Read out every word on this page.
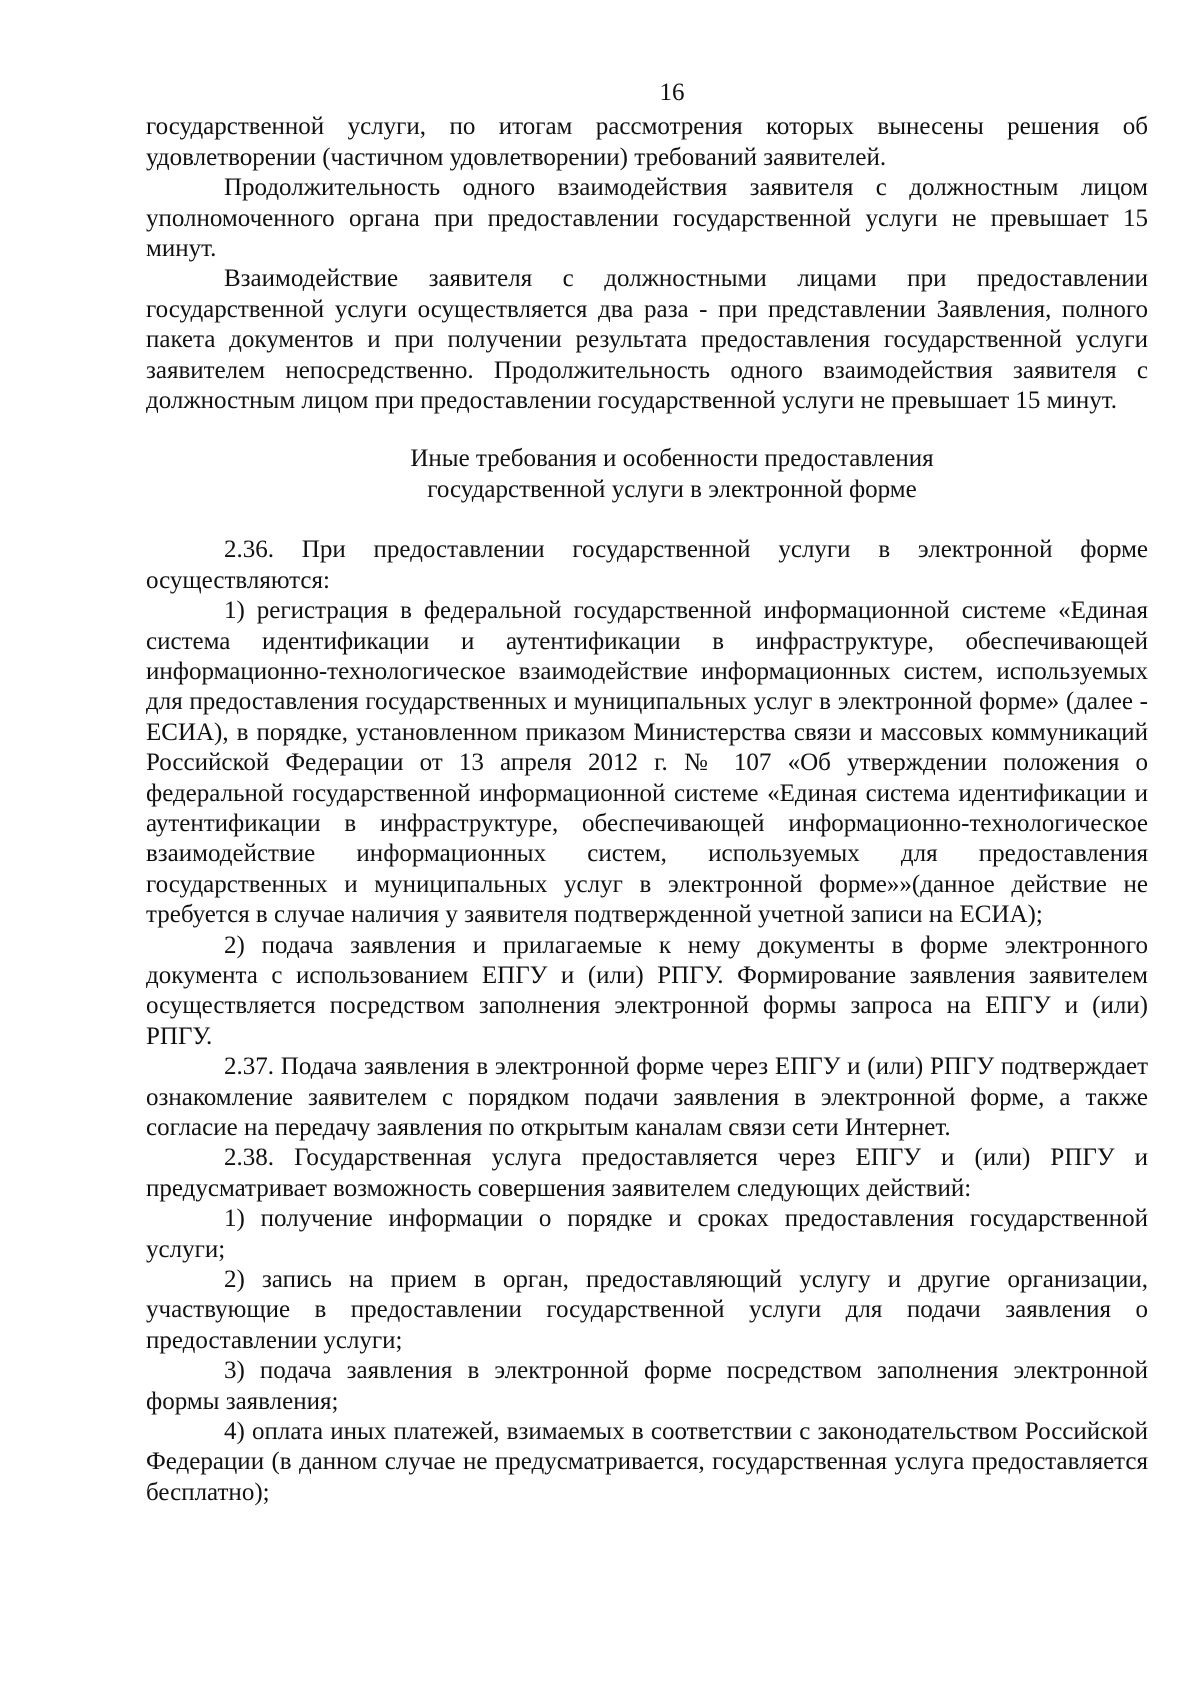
16

государственной услуги, по итогам рассмотрения которых вынесены решения об удовлетворении (частичном удовлетворении) требований заявителей.

Продолжительность одного взаимодействия заявителя с должностным лицом уполномоченного органа при предоставлении государственной услуги не превышает 15 минут.

Взаимодействие заявителя с должностными лицами при предоставлении государственной услуги осуществляется два раза - при представлении Заявления, полного пакета документов и при получении результата предоставления государственной услуги заявителем непосредственно. Продолжительность одного взаимодействия заявителя с должностным лицом при предоставлении государственной услуги не превышает 15 минут.

Иные требования и особенности предоставления
государственной услуги в электронной форме

2.36. При предоставлении государственной услуги в электронной форме осуществляются:

1) регистрация в федеральной государственной информационной системе «Единая система идентификации и аутентификации в инфраструктуре, обеспечивающей информационно-технологическое взаимодействие информационных систем, используемых для предоставления государственных и муниципальных услуг в электронной форме» (далее - ЕСИА), в порядке, установленном приказом Министерства связи и массовых коммуникаций Российской Федерации от 13 апреля 2012 г. № 107 «Об утверждении положения о федеральной государственной информационной системе «Единая система идентификации и аутентификации в инфраструктуре, обеспечивающей информационно-технологическое взаимодействие информационных систем, используемых для предоставления государственных и муниципальных услуг в электронной форме»»(данное действие не требуется в случае наличия у заявителя подтвержденной учетной записи на ЕСИА);

2) подача заявления и прилагаемые к нему документы в форме электронного документа с использованием ЕПГУ и (или) РПГУ. Формирование заявления заявителем осуществляется посредством заполнения электронной формы запроса на ЕПГУ и (или) РПГУ.

2.37. Подача заявления в электронной форме через ЕПГУ и (или) РПГУ подтверждает ознакомление заявителем с порядком подачи заявления в электронной форме, а также согласие на передачу заявления по открытым каналам связи сети Интернет.

2.38. Государственная услуга предоставляется через ЕПГУ и (или) РПГУ и предусматривает возможность совершения заявителем следующих действий:

1) получение информации о порядке и сроках предоставления государственной услуги;

2) запись на прием в орган, предоставляющий услугу и другие организации, участвующие в предоставлении государственной услуги для подачи заявления о предоставлении услуги;

3) подача заявления в электронной форме посредством заполнения электронной формы заявления;

4) оплата иных платежей, взимаемых в соответствии с законодательством Российской Федерации (в данном случае не предусматривается, государственная услуга предоставляется бесплатно);
